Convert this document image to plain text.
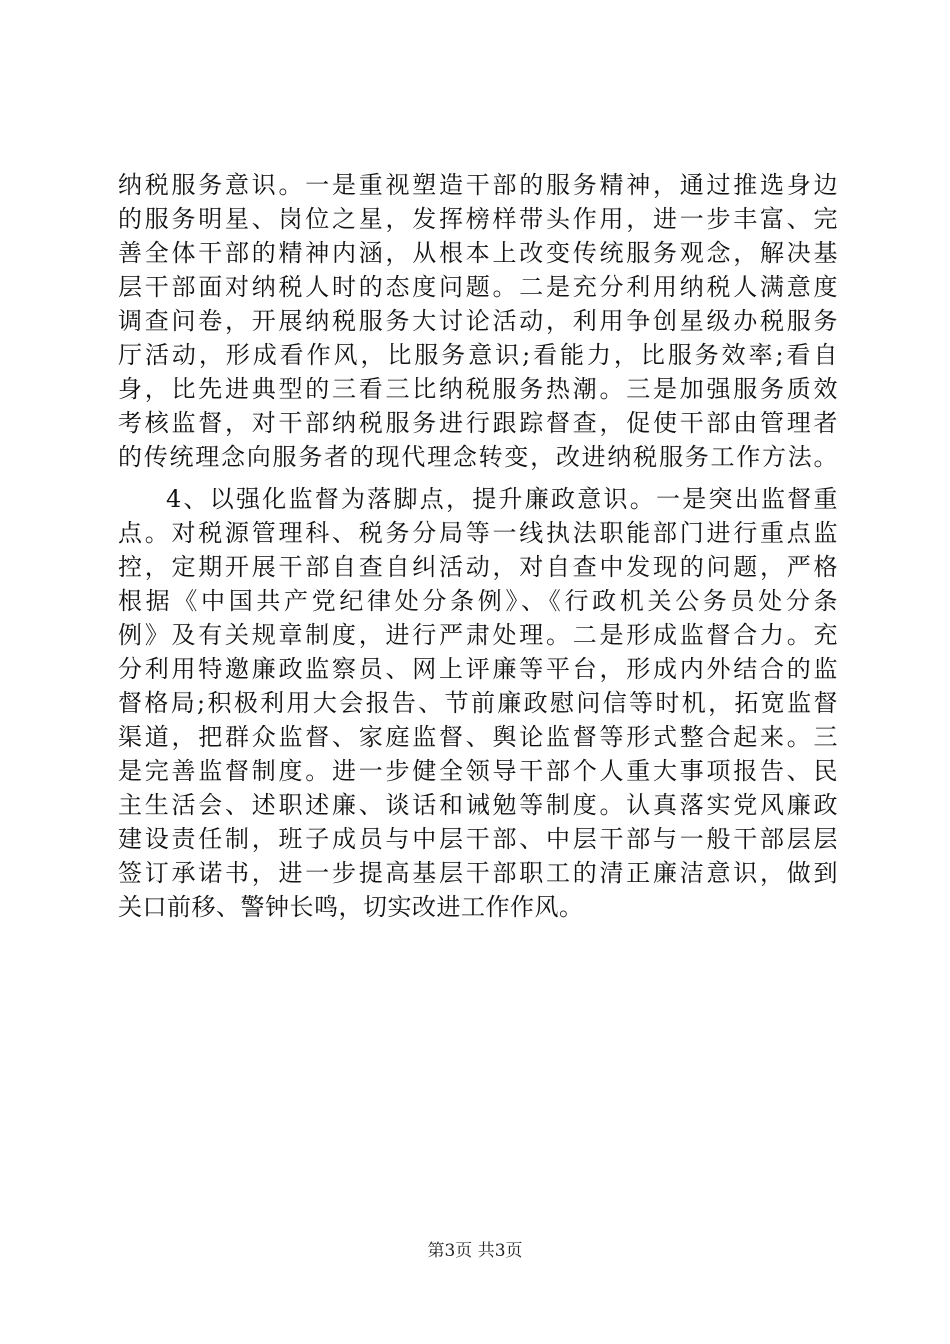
纳税服务意识。一是重视塑造干部的服务精神，通过推选身边
的服务明星、岗位之星，发挥榜样带头作用，进一步丰富、完
善全体干部的精神内涵，从根本上改变传统服务观念，解决基
层干部面对纳税人时的态度问题。二是充分利用纳税人满意度
调查问卷，开展纳税服务大讨论活动，利用争创星级办税服务
厅活动，形成看作风，比服务意识;看能力，比服务效率;看自
身，比先进典型的三看三比纳税服务热潮。三是加强服务质效
考核监督，对干部纳税服务进行跟踪督查，促使干部由管理者
的传统理念向服务者的现代理念转变，改进纳税服务工作方法。
4、以强化监督为落脚点，提升廉政意识。一是突出监督重
点。对税源管理科、税务分局等一线执法职能部门进行重点监
控，定期开展干部自查自纠活动，对自查中发现的问题，严格
根据《中国共产党纪律处分条例》、《行政机关公务员处分条
例》及有关规章制度，进行严肃处理。二是形成监督合力。充
分利用特邀廉政监察员、网上评廉等平台，形成内外结合的监
督格局;积极利用大会报告、节前廉政慰问信等时机，拓宽监督
渠道，把群众监督、家庭监督、舆论监督等形式整合起来。三
是完善监督制度。进一步健全领导干部个人重大事项报告、民
主生活会、述职述廉、谈话和诫勉等制度。认真落实党风廉政
建设责任制，班子成员与中层干部、中层干部与一般干部层层
签订承诺书，进一步提高基层干部职工的清正廉洁意识，做到
关口前移、警钟长鸣，切实改进工作作风。
第3页 共3页
